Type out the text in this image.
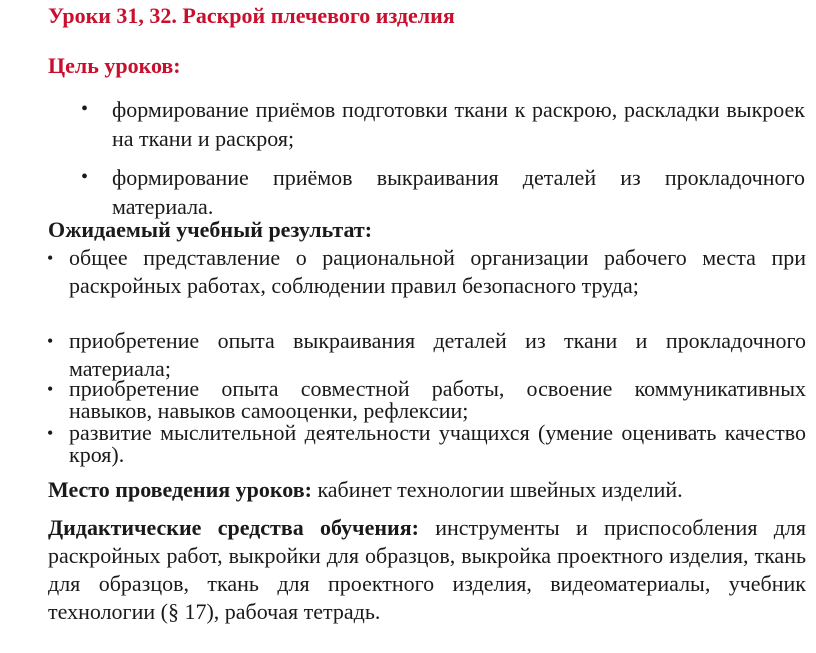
Уроки 31, 32. Раскрой плечевого изделия
Цель уроков:
• формирование приёмов подготовки ткани к раскрою, раскладки выкроек на ткани и раскроя;
• формирование приёмов выкраивания деталей из прокладочного материала.
Ожидаемый учебный результат:
• общее представление о рациональной организации рабочего места при раскройных работах, соблюдении правил безопасного труда;
• приобретение опыта выкраивания деталей из ткани и прокладочного материала;
• приобретение опыта совместной работы, освоение коммуникативных навыков, навыков самооценки, рефлексии;
• развитие мыслительной деятельности учащихся (умение оценивать качество кроя).
Место проведения уроков: кабинет технологии швейных изделий.
Дидактические средства обучения: инструменты и приспособления для раскройных работ, выкройки для образцов, выкройка проектного изделия, ткань для образцов, ткань для проектного изделия, видеоматериалы, учебник технологии (§ 17), рабочая тетрадь.
